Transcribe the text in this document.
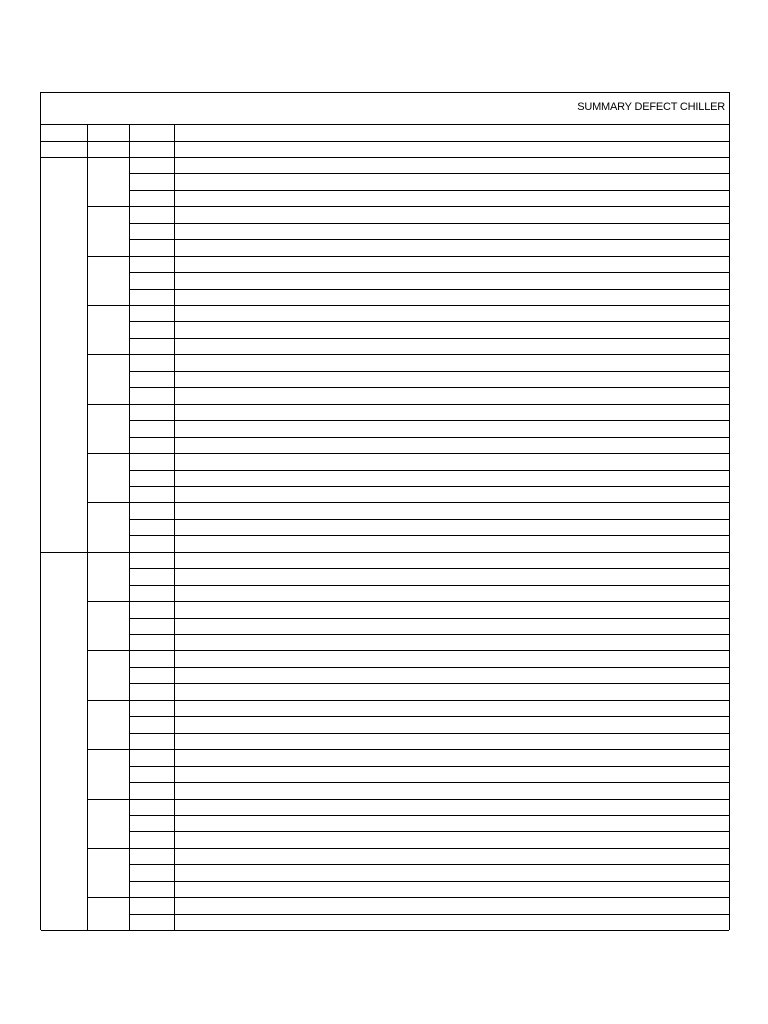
SUMMARY DEFECT CHILLER
